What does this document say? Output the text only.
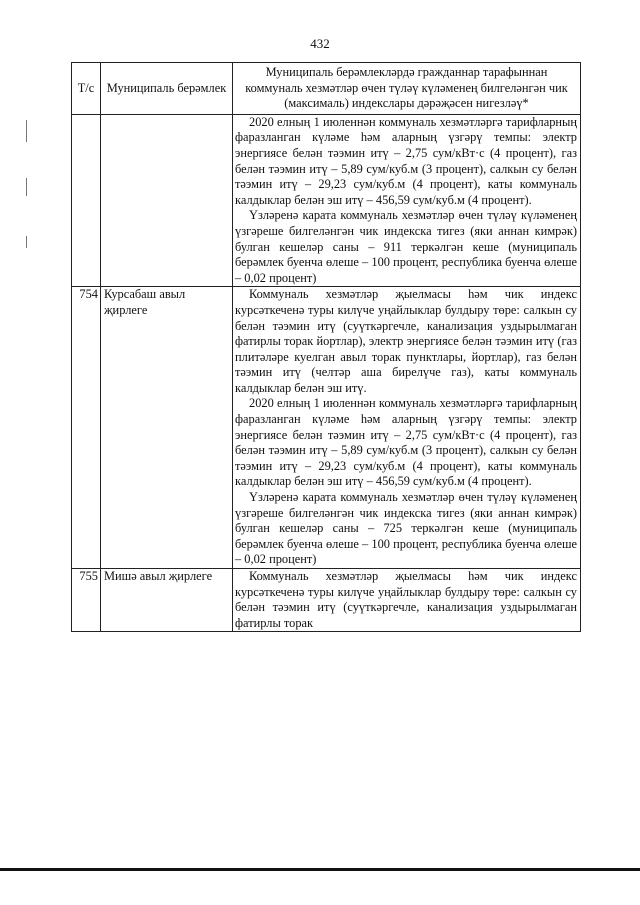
432
Т/с	Муниципаль берәмлек	Муниципаль берәмлекләрдә гражданнар тарафыннан коммуналь хезмәтләр өчен түләү күләменең билгеләнгән чик (максималь) индекслары дәрәҗәсен нигезләү*

		2020 елның 1 июленнән коммуналь хезмәтләргә тарифларның фаразланган күләме һәм аларның үзгәрү темпы: электр энергиясе белән тәэмин итү – 2,75 сум/кВт·с (4 процент), газ белән тәэмин итү – 5,89 сум/куб.м (3 процент), салкын су белән тәэмин итү – 29,23 сум/куб.м (4 процент), каты коммуналь калдыклар белән эш итү – 456,59 сум/куб.м (4 процент).

Үзләренә карата коммуналь хезмәтләр өчен түләү күләменең үзгәреше билгеләнгән чик индекска тигез (яки аннан кимрәк) булган кешеләр саны – 911 теркәлгән кеше (муниципаль берәмлек буенча өлеше – 100 процент, республика буенча өлеше – 0,02 процент)

754	Курсабаш авыл җирлеге	Коммуналь хезмәтләр җыелмасы һәм чик индекс курсәткеченә туры килүче уңайлыклар булдыру төре: салкын су белән тәэмин итү (суүткәргечле, канализация уздырылмаган фатирлы торак йортлар), электр энергиясе белән тәэмин итү (газ плитәләре куелган авыл торак пунктлары, йортлар), газ белән тәэмин итү (челтәр аша бирелүче газ), каты коммуналь калдыклар белән эш итү.

2020 елның 1 июленнән коммуналь хезмәтләргә тарифларның фаразланган күләме һәм аларның үзгәрү темпы: электр энергиясе белән тәэмин итү – 2,75 сум/кВт·с (4 процент), газ белән тәэмин итү – 5,89 сум/куб.м (3 процент), салкын су белән тәэмин итү – 29,23 сум/куб.м (4 процент), каты коммуналь калдыклар белән эш итү – 456,59 сум/куб.м (4 процент).

Үзләренә карата коммуналь хезмәтләр өчен түләү күләменең үзгәреше билгеләнгән чик индекска тигез (яки аннан кимрәк) булган кешеләр саны – 725 теркәлгән кеше (муниципаль берәмлек буенча өлеше – 100 процент, республика буенча өлеше – 0,02 процент)

755	Мишә авыл җирлеге	Коммуналь хезмәтләр җыелмасы һәм чик индекс курсәткеченә туры килүче уңайлыклар булдыру төре: салкын су белән тәэмин итү (суүткәргечле, канализация уздырылмаган фатирлы торак
